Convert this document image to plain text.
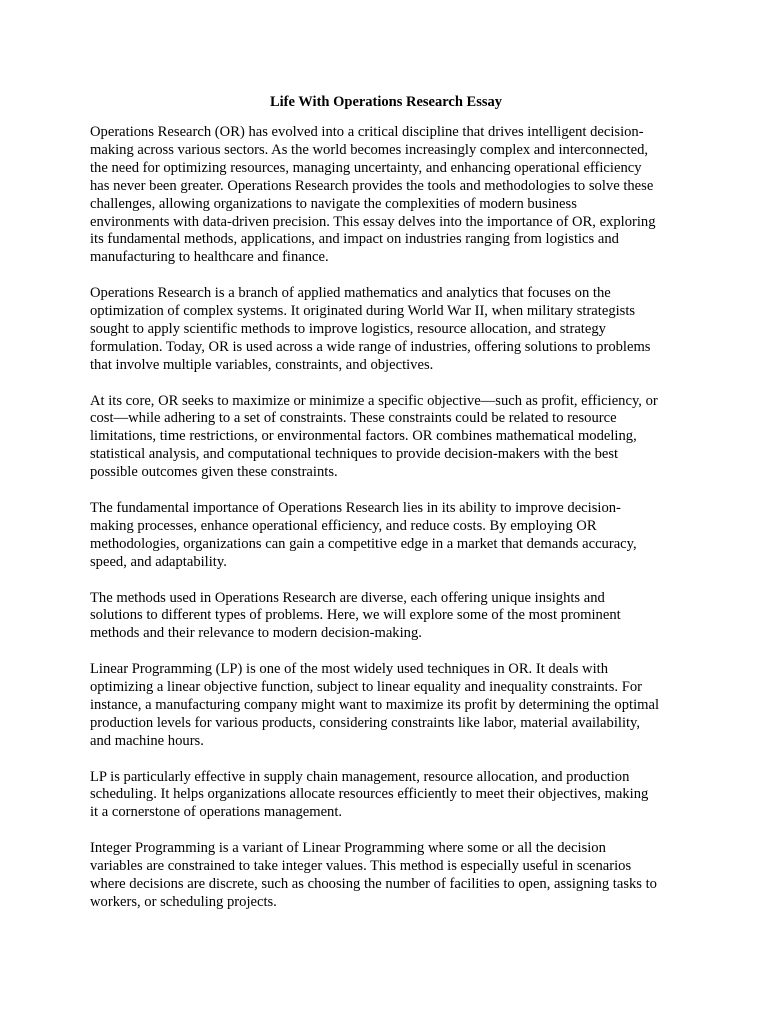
Life With Operations Research Essay
Operations Research (OR) has evolved into a critical discipline that drives intelligent decision-
making across various sectors. As the world becomes increasingly complex and interconnected,
the need for optimizing resources, managing uncertainty, and enhancing operational efficiency
has never been greater. Operations Research provides the tools and methodologies to solve these
challenges, allowing organizations to navigate the complexities of modern business
environments with data-driven precision. This essay delves into the importance of OR, exploring
its fundamental methods, applications, and impact on industries ranging from logistics and
manufacturing to healthcare and finance.
Operations Research is a branch of applied mathematics and analytics that focuses on the
optimization of complex systems. It originated during World War II, when military strategists
sought to apply scientific methods to improve logistics, resource allocation, and strategy
formulation. Today, OR is used across a wide range of industries, offering solutions to problems
that involve multiple variables, constraints, and objectives.
At its core, OR seeks to maximize or minimize a specific objective—such as profit, efficiency, or
cost—while adhering to a set of constraints. These constraints could be related to resource
limitations, time restrictions, or environmental factors. OR combines mathematical modeling,
statistical analysis, and computational techniques to provide decision-makers with the best
possible outcomes given these constraints.
The fundamental importance of Operations Research lies in its ability to improve decision-
making processes, enhance operational efficiency, and reduce costs. By employing OR
methodologies, organizations can gain a competitive edge in a market that demands accuracy,
speed, and adaptability.
The methods used in Operations Research are diverse, each offering unique insights and
solutions to different types of problems. Here, we will explore some of the most prominent
methods and their relevance to modern decision-making.
Linear Programming (LP) is one of the most widely used techniques in OR. It deals with
optimizing a linear objective function, subject to linear equality and inequality constraints. For
instance, a manufacturing company might want to maximize its profit by determining the optimal
production levels for various products, considering constraints like labor, material availability,
and machine hours.
LP is particularly effective in supply chain management, resource allocation, and production
scheduling. It helps organizations allocate resources efficiently to meet their objectives, making
it a cornerstone of operations management.
Integer Programming is a variant of Linear Programming where some or all the decision
variables are constrained to take integer values. This method is especially useful in scenarios
where decisions are discrete, such as choosing the number of facilities to open, assigning tasks to
workers, or scheduling projects.
